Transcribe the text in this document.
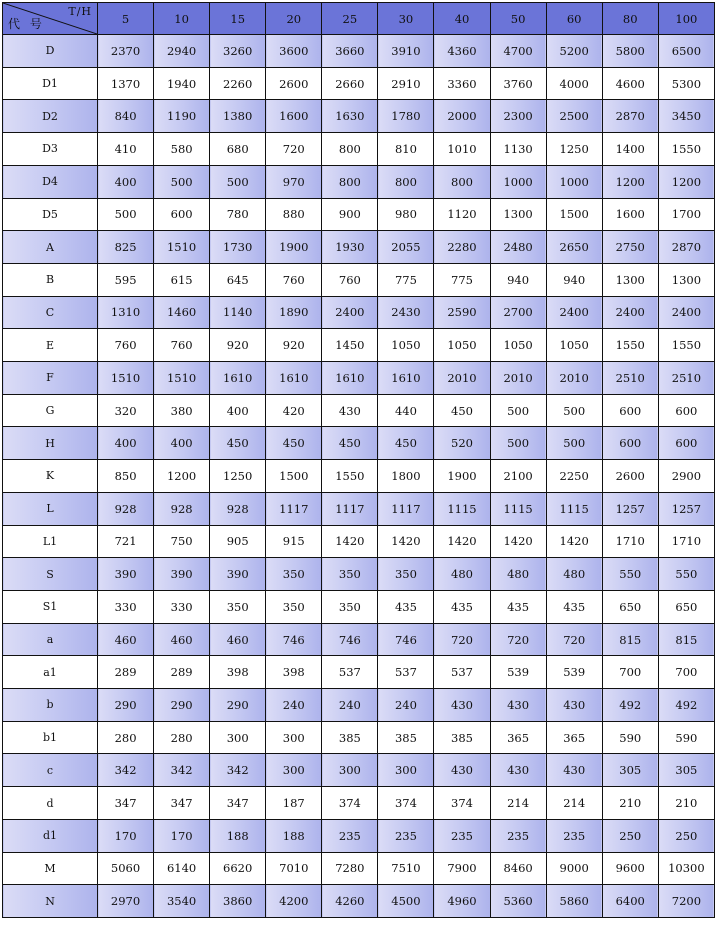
T/H
代 号	5	10	15	20	25	30	40	50	60	80	100
D	2370	2940	3260	3600	3660	3910	4360	4700	5200	5800	6500
D1	1370	1940	2260	2600	2660	2910	3360	3760	4000	4600	5300
D2	840	1190	1380	1600	1630	1780	2000	2300	2500	2870	3450
D3	410	580	680	720	800	810	1010	1130	1250	1400	1550
D4	400	500	500	970	800	800	800	1000	1000	1200	1200
D5	500	600	780	880	900	980	1120	1300	1500	1600	1700
A	825	1510	1730	1900	1930	2055	2280	2480	2650	2750	2870
B	595	615	645	760	760	775	775	940	940	1300	1300
C	1310	1460	1140	1890	2400	2430	2590	2700	2400	2400	2400
E	760	760	920	920	1450	1050	1050	1050	1050	1550	1550
F	1510	1510	1610	1610	1610	1610	2010	2010	2010	2510	2510
G	320	380	400	420	430	440	450	500	500	600	600
H	400	400	450	450	450	450	520	500	500	600	600
K	850	1200	1250	1500	1550	1800	1900	2100	2250	2600	2900
L	928	928	928	1117	1117	1117	1115	1115	1115	1257	1257
L1	721	750	905	915	1420	1420	1420	1420	1420	1710	1710
S	390	390	390	350	350	350	480	480	480	550	550
S1	330	330	350	350	350	435	435	435	435	650	650
a	460	460	460	746	746	746	720	720	720	815	815
a1	289	289	398	398	537	537	537	539	539	700	700
b	290	290	290	240	240	240	430	430	430	492	492
b1	280	280	300	300	385	385	385	365	365	590	590
c	342	342	342	300	300	300	430	430	430	305	305
d	347	347	347	187	374	374	374	214	214	210	210
d1	170	170	188	188	235	235	235	235	235	250	250
M	5060	6140	6620	7010	7280	7510	7900	8460	9000	9600	10300
N	2970	3540	3860	4200	4260	4500	4960	5360	5860	6400	7200
